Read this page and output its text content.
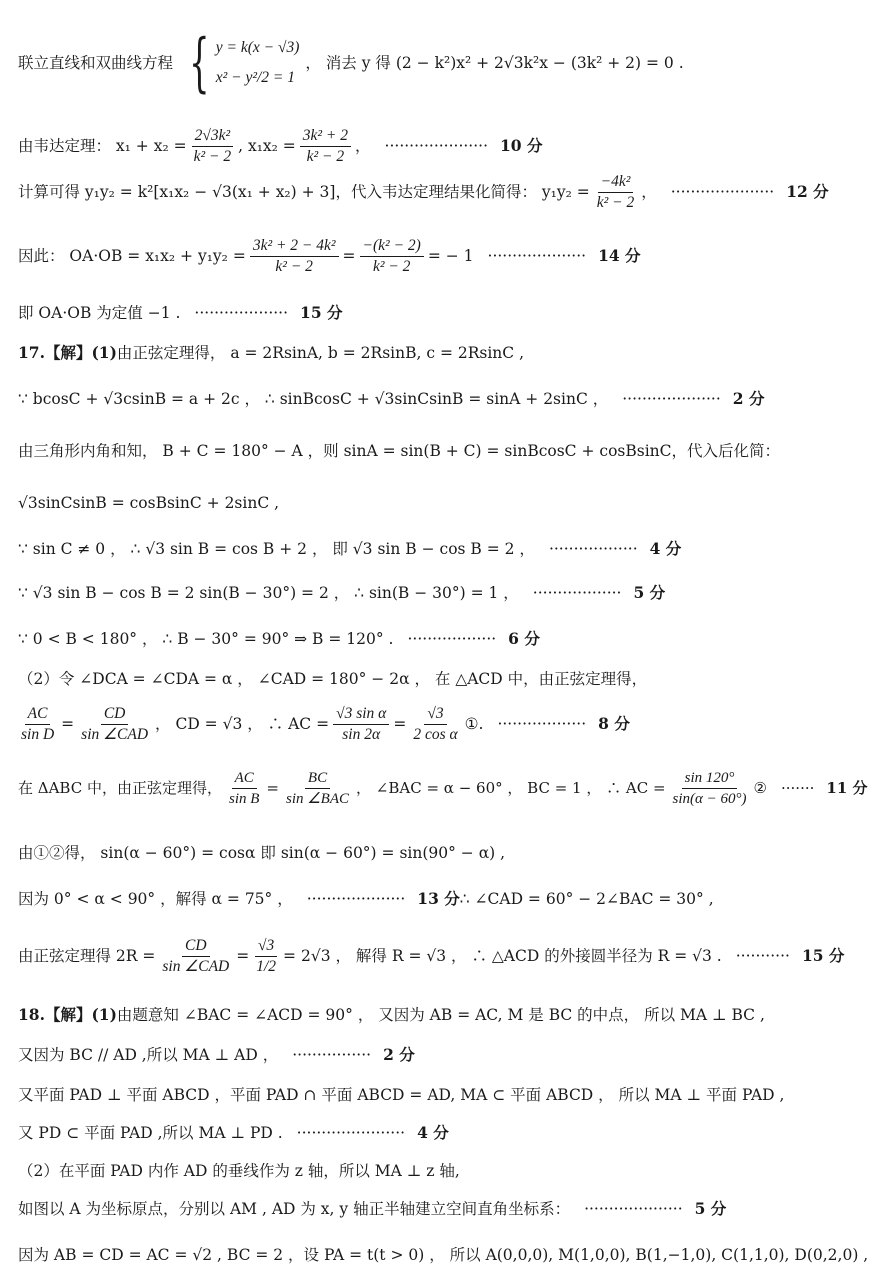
联立直线和双曲线方程 { y = k(x − √3)
x² − y²/2 = 1
， 消去 y 得 (2 − k²)x² + 2√3k²x − (3k² + 2) = 0 .
由韦达定理： $x_1 + x_2 = \frac{\text{2√3k²}}{\text{k² − 2}}$ , $x_1x_2 = \frac{\text{3k² + 2}}{\text{k² − 2}}$ ， ····················· 10 分
计算可得 y₁y₂ = k²[x₁x₂ − √3(x₁ + x₂) + 3]，代入韦达定理结果化简得： $y_1y_2 = \frac{\text{−4k²}}{\text{k² − 2}}$ ， ····················· 12 分
因此： $OA\cdot OB = x_1x_2 + y_1y_2 = \frac{\text{3k² + 2 − 4k²}}{\text{k² − 2}} = \frac{\text{−(k² − 2)}}{\text{k² − 2}}$ = − 1 ···················· 14 分
即 OA·OB 为定值 −1 . ··················· 15 分
17.【解】(1) 由正弦定理得， a = 2RsinA, b = 2RsinB, c = 2RsinC ,
∵ bcosC + √3csinB = a + 2c ， ∴ sinBcosC + √3sinCsinB = sinA + 2sinC ， ···················· 2 分
由三角形内角和知， B + C = 180° − A ，则 sinA = sin(B + C) = sinBcosC + cosBsinC，代入后化简：
√3sinCsinB = cosBsinC + 2sinC ,
∵ sin C ≠ 0 ， ∴ √3 sin B = cos B + 2 ， 即 √3 sin B − cos B = 2 ， ·················· 4 分
∵ √3 sin B − cos B = 2 sin(B − 30°) = 2 ， ∴ sin(B − 30°) = 1 ， ·················· 5 分
∵ 0 < B < 180° ， ∴ B − 30° = 90° ⇒ B = 120° . ·················· 6 分
（2）令 ∠DCA = ∠CDA = α ， ∠CAD = 180° − 2α ， 在 △ACD 中，由正弦定理得，
$\frac{AC}{\text{sin D}} = \frac{CD}{\text{sin ∠CAD}}$ ， CD = √3 ， ∴ AC = $\frac{\text{√3 sin α}}{\sin 2\alpha} = \frac{√3}{\text{2 cos α}}$ ①. ·················· 8 分
在 ΔABC 中，由正弦定理得， $\frac{AC}{\text{sin B}} = \frac{BC}{\text{sin ∠BAC}}$ ， ∠BAC = α − 60° ， BC = 1 ， ∴ AC = $\frac{\sin 120^\circ}{\sin(\alpha - 60^\circ)}$ ② ······· 11 分
由①②得， sin(α − 60°) = cosα 即 sin(α − 60°) = sin(90° − α) ,
因为 0° < α < 90° ，解得 α = 75° ， ···················· 13 分 ∴ ∠CAD = 60° − 2∠BAC = 30° ,
由正弦定理得 $2R = \frac{CD}{\text{sin ∠CAD}} = \frac{√3}{1/2} = 2√3$ ， 解得 R = √3 ， ∴ △ACD 的外接圆半径为 R = √3 . ··········· 15 分
18.【解】(1) 由题意知 ∠BAC = ∠ACD = 90° ， 又因为 AB = AC, M 是 BC 的中点， 所以 MA ⊥ BC ,
又因为 BC // AD ,所以 MA ⊥ AD ， ················ 2 分
又平面 PAD ⊥ 平面 ABCD ，平面 PAD ∩ 平面 ABCD = AD, MA ⊂ 平面 ABCD ， 所以 MA ⊥ 平面 PAD ,
又 PD ⊂ 平面 PAD ,所以 MA ⊥ PD . ······················ 4 分
（2）在平面 PAD 内作 AD 的垂线作为 z 轴，所以 MA ⊥ z 轴,
如图以 A 为坐标原点，分别以 AM , AD 为 x, y 轴正半轴建立空间直角坐标系： ···················· 5 分
因为 AB = CD = AC = √2 , BC = 2 ，设 PA = t(t > 0) ， 所以 A(0,0,0), M(1,0,0), B(1,−1,0), C(1,1,0), D(0,2,0) ,
